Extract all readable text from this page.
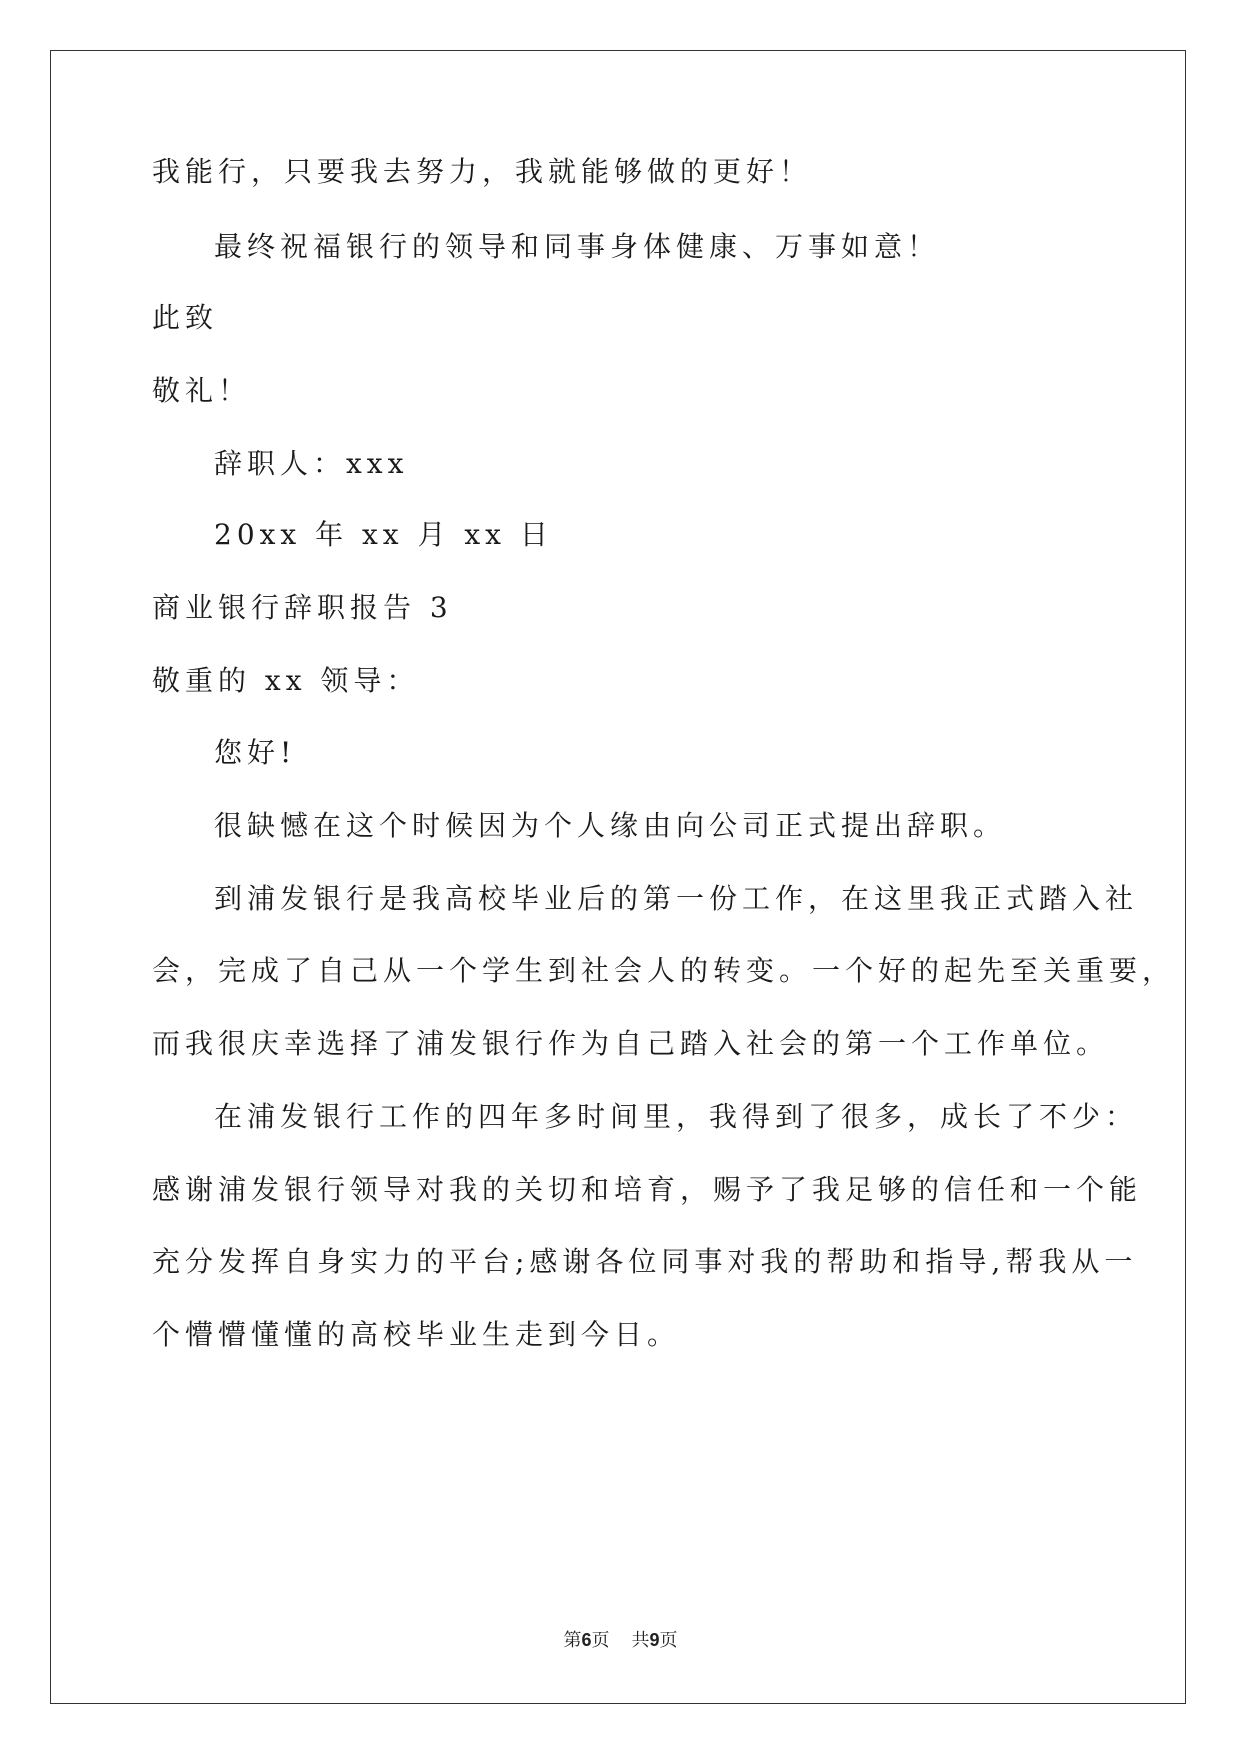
我能行，只要我去努力，我就能够做的更好！
最终祝福银行的领导和同事身体健康、万事如意！
此致
敬礼！
辞职人：xxx
20xx 年 xx 月 xx 日
商业银行辞职报告 3
敬重的 xx 领导：
您好!
很缺憾在这个时候因为个人缘由向公司正式提出辞职。
到浦发银行是我高校毕业后的第一份工作，在这里我正式踏入社
会，完成了自己从一个学生到社会人的转变。一个好的起先至关重要，
而我很庆幸选择了浦发银行作为自己踏入社会的第一个工作单位。
在浦发银行工作的四年多时间里，我得到了很多，成长了不少：
感谢浦发银行领导对我的关切和培育，赐予了我足够的信任和一个能
充分发挥自身实力的平台;感谢各位同事对我的帮助和指导,帮我从一
个懵懵懂懂的高校毕业生走到今日。
第6页 共9页
